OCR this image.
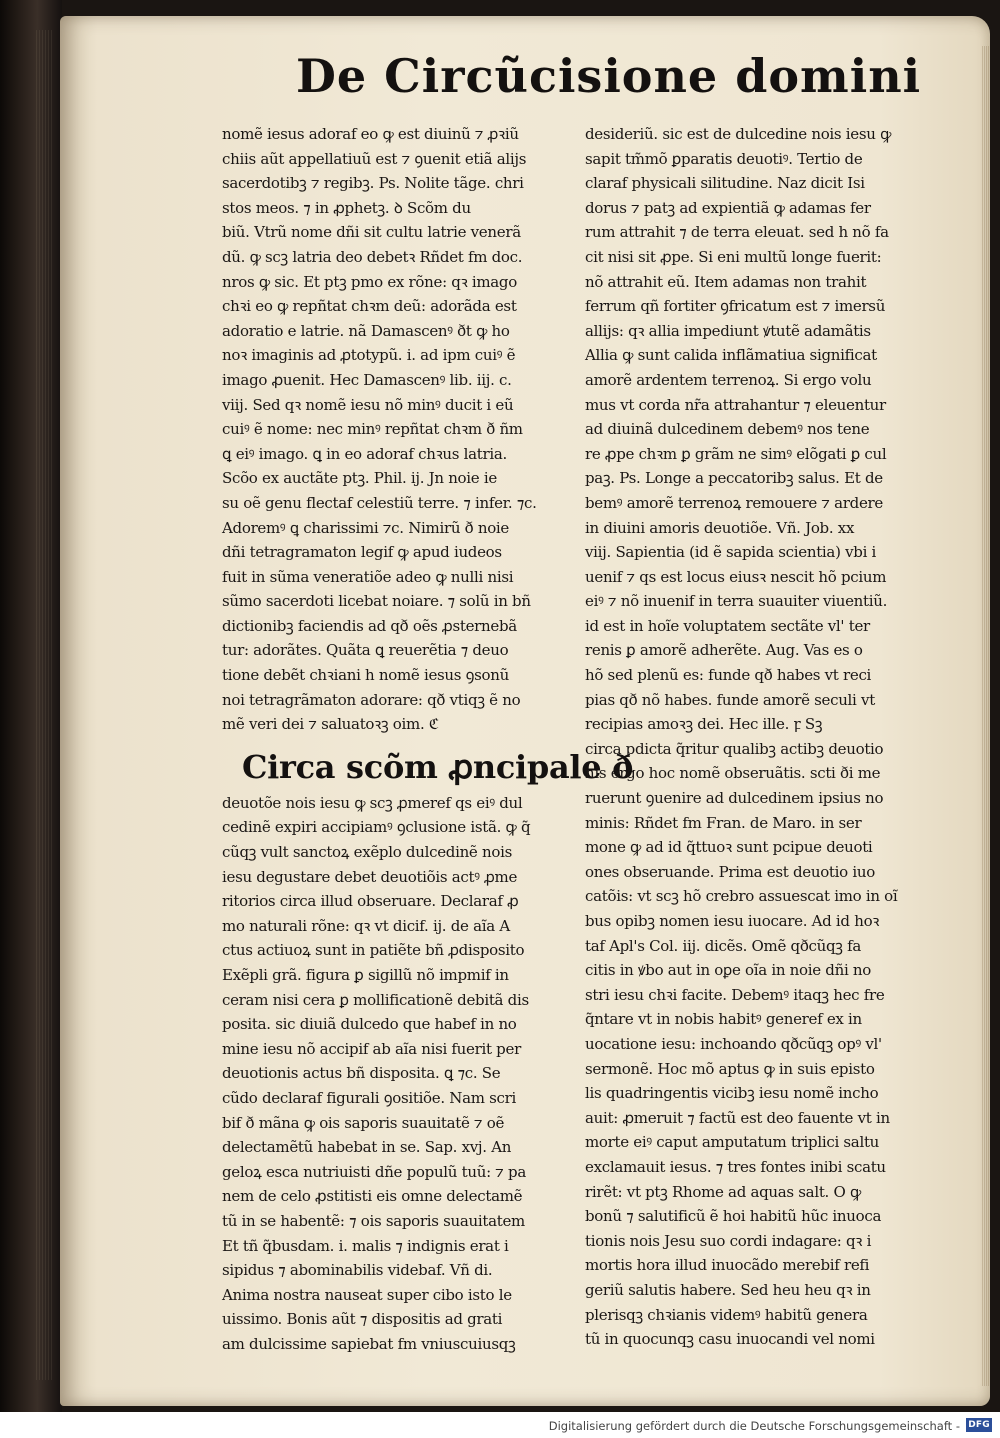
De Circũcisione domini
nomẽ iesus adoraf eo ꝙ est diuinũ ⁊ ꝓꝛiũ
chiis aũt appellatiuũ est ⁊ ꝯuenit etiã alijs
sacerdotibꝫ ⁊ regibꝫ. Ps. Nolite tãge. chri
stos meos. ⁊ in ꝓphetꝫ. ꝺ Scõm du
biũ. Vtrũ nome dñi sit cultu latrie venerã
dũ. ꝙ scꝫ latria deo debetꝛ Rñdet fm doc.
nros ꝙ sic. Et ptꝫ pmo ex rõne: qꝛ imago
chꝛi eo ꝙ repñtat chꝛm deũ: adorãda est
adoratio e latrie. nã Damascenꝰ ðt ꝙ ho
noꝛ imaginis ad ꝓtotypũ. i. ad ipm cuiꝰ ẽ
imago ꝓuenit. Hec Damascenꝰ lib. iij. c.
viij. Sed qꝛ nomẽ iesu nõ minꝰ ducit i eũ
cuiꝰ ẽ nome: nec minꝰ repñtat chꝛm ð ñm
ꝗ eiꝰ imago. ꝗ in eo adoraf chꝛus latria.
Scõo ex auctãte ptꝫ. Phil. ij. Jn noie ie
su oẽ genu flectaf celestiũ terre. ⁊ infer. ⁊c.
Adoremꝰ ꝗ charissimi ⁊c. Nimirũ ð noie
dñi tetragramaton legif ꝙ apud iudeos
fuit in sũma veneratiõe adeo ꝙ nulli nisi
sũmo sacerdoti licebat noiare. ⁊ solũ in bñ
dictionibꝫ faciendis ad qð oẽs ꝓsternebã
tur: adorãtes. Quãta ꝗ reuerẽtia ⁊ deuo
tione debẽt chꝛiani h nomẽ iesus ꝯsonũ
noi tetragrãmaton adorare: qð vtiqꝫ ẽ no
mẽ veri dei ⁊ saluatoꝛꝫ oim. ℭ
Circa scõm ꝓncipale ð
deuotõe nois iesu ꝙ scꝫ ꝓmeref qs eiꝰ dul
cedinẽ expiri accipiamꝰ ꝯclusione istã. ꝙ q̃
cũqꝫ vult sanctoꝝ exẽplo dulcedinẽ nois
iesu degustare debet deuotiõis actꝰ ꝓme
ritorios circa illud obseruare. Declaraf ꝓ
mo naturali rõne: qꝛ vt dicif. ij. de aĩa A
ctus actiuoꝝ sunt in patiẽte bñ ꝓdisposito
Exẽpli grã. figura ꝑ sigillũ nõ impmif in
ceram nisi cera ꝑ mollificationẽ debitã dis
posita. sic diuiã dulcedo que habef in no
mine iesu nõ accipif ab aĩa nisi fuerit per
deuotionis actus bñ disposita. ꝗ ⁊c. Se
cũdo declaraf figurali ꝯositiõe. Nam scri
bif ð mãna ꝙ ois saporis suauitatẽ ⁊ oẽ
delectamẽtũ habebat in se. Sap. xvj. An
geloꝝ esca nutriuisti dñe populũ tuũ: ⁊ pa
nem de celo ꝓstitisti eis omne delectamẽ
tũ in se habentẽ: ⁊ ois saporis suauitatem
Et tñ q̃busdam. i. malis ⁊ indignis erat i
sipidus ⁊ abominabilis videbaf. Vñ di.
Anima nostra nauseat super cibo isto le
uissimo. Bonis aũt ⁊ dispositis ad grati
am dulcissime sapiebat fm vniuscuiusqꝫ
desideriũ. sic est de dulcedine nois iesu ꝙ
sapit tm̃mõ ꝑparatis deuotiꝰ. Tertio de
claraf physicali silitudine. Naz dicit Isi
dorus ⁊ patꝫ ad expientiã ꝙ adamas fer
rum attrahit ⁊ de terra eleuat. sed h nõ fa
cit nisi sit ꝓpe. Si eni multũ longe fuerit:
nõ attrahit eũ. Item adamas non trahit
ferrum qñ fortiter ꝯfricatum est ⁊ imersũ
allijs: qꝛ allia impediunt ꝟtutẽ adamãtis
Allia ꝙ sunt calida inflãmatiua significat
amorẽ ardentem terrenoꝝ. Si ergo volu
mus vt corda nr̃a attrahantur ⁊ eleuentur
ad diuinã dulcedinem debemꝰ nos tene
re ꝓpe chꝛm ꝑ grãm ne simꝰ elõgati ꝑ cul
paꝫ. Ps. Longe a peccatoribꝫ salus. Et de
bemꝰ amorẽ terrenoꝝ remouere ⁊ ardere
in diuini amoris deuotiõe. Vñ. Job. xx
viij. Sapientia (id ẽ sapida scientia) vbi i
uenif ⁊ qs est locus eiusꝛ nescit hõ pcium
eiꝰ ⁊ nõ inuenif in terra suauiter viuentiũ.
id est in hoĩe voluptatem sectãte vl' ter
renis ꝑ amorẽ adherẽte. Aug. Vas es o
hõ sed plenũ es: funde qð habes vt reci
pias qð nõ habes. funde amorẽ seculi vt
recipias amoꝛꝫ dei. Hec ille. ꝼ Sꝫ
circa pdicta q̃ritur qualibꝫ actibꝫ deuotio
nis ergo hoc nomẽ obseruãtis. scti ði me
ruerunt ꝯuenire ad dulcedinem ipsius no
minis: Rñdet fm Fran. de Maro. in ser
mone ꝙ ad id q̃ttuoꝛ sunt pcipue deuoti
ones obseruande. Prima est deuotio iuo
catõis: vt scꝫ hõ crebro assuescat imo in oĩ
bus opibꝫ nomen iesu iuocare. Ad id hoꝛ
taf Apl's Col. iij. dicẽs. Omẽ qðcũqꝫ fa
citis in ꝟbo aut in oꝑe oĩa in noie dñi no
stri iesu chꝛi facite. Debemꝰ itaqꝫ hec fre
q̃ntare vt in nobis habitꝰ generef ex in
uocatione iesu: inchoando qðcũqꝫ opꝰ vl'
sermonẽ. Hoc mõ aptus ꝙ in suis episto
lis quadringentis vicibꝫ iesu nomẽ incho
auit: ꝓmeruit ⁊ factũ est deo fauente vt in
morte eiꝰ caput amputatum triplici saltu
exclamauit iesus. ⁊ tres fontes inibi scatu
rirẽt: vt ptꝫ Rhome ad aquas salt. O ꝙ
bonũ ⁊ salutificũ ẽ hoi habitũ hũc inuoca
tionis nois Jesu suo cordi indagare: qꝛ i
mortis hora illud inuocãdo merebif refi
geriũ salutis habere. Sed heu heu qꝛ in
plerisqꝫ chꝛianis videmꝰ habitũ genera
tũ in quocunqꝫ casu inuocandi vel nomi
Digitalisierung gefördert durch die Deutsche Forschungsgemeinschaft - DFG
